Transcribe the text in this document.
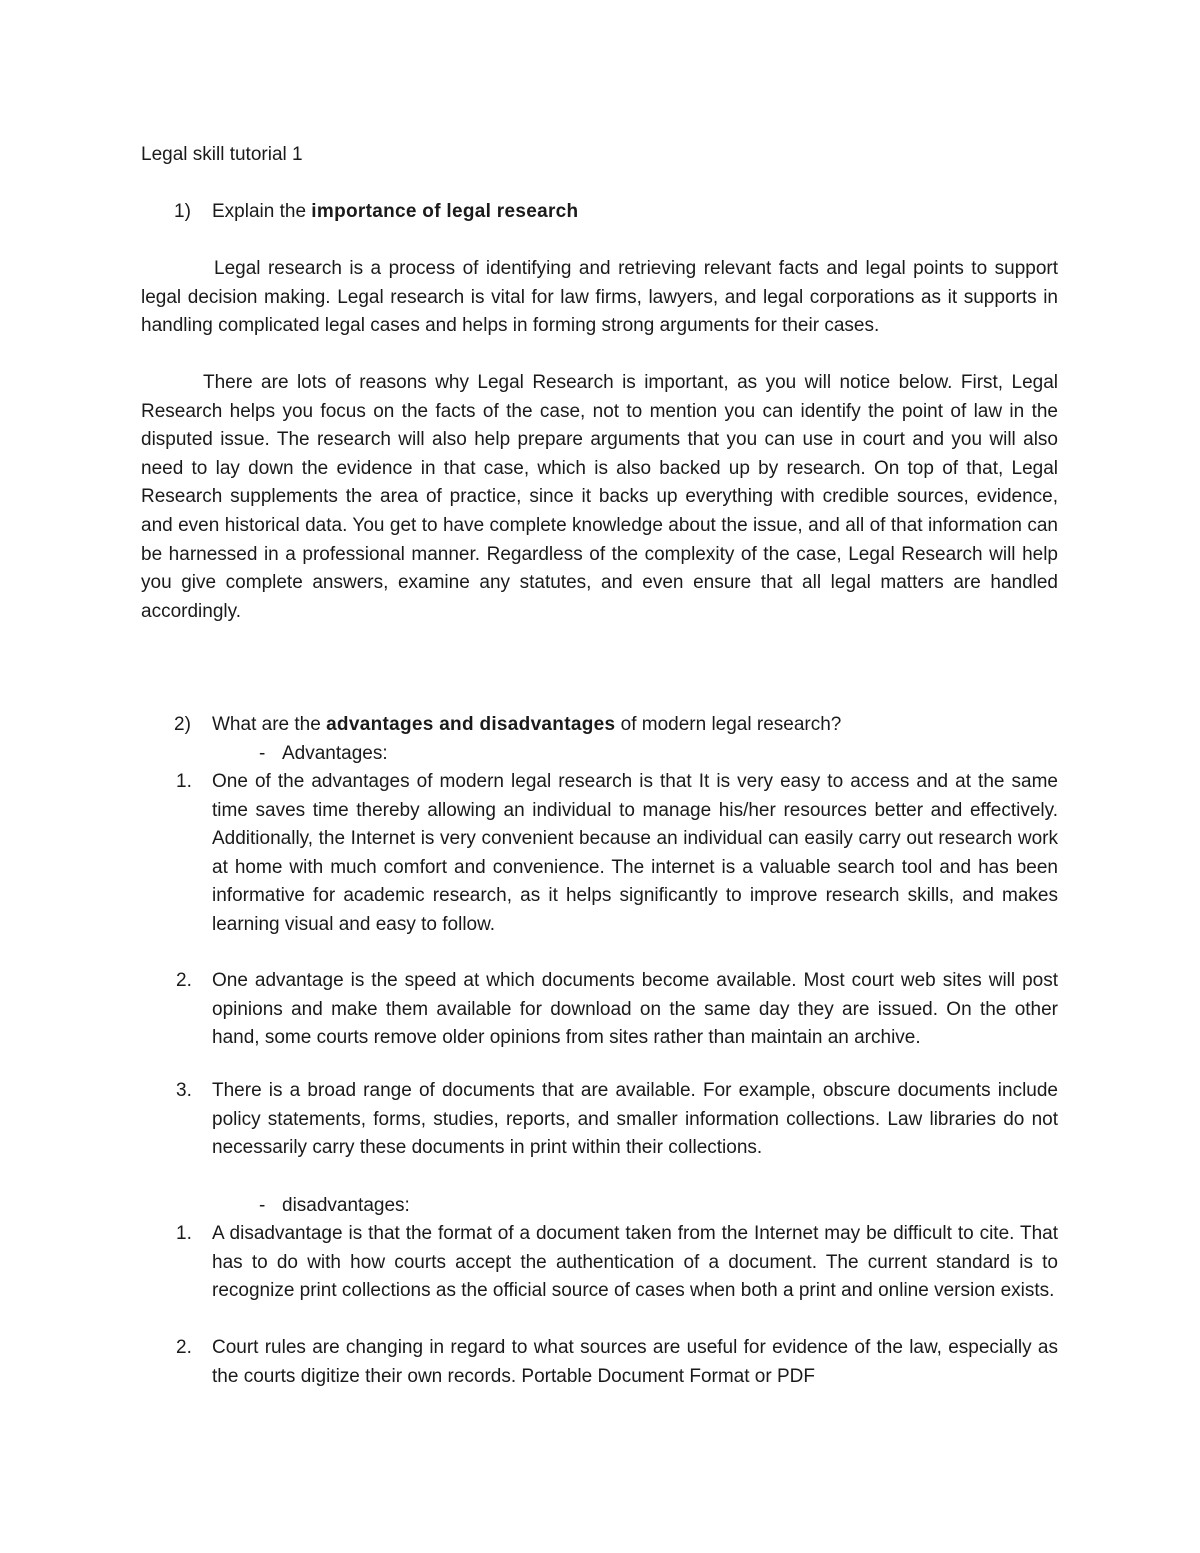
Legal skill tutorial 1
1) Explain the importance of legal research

Legal research is a process of identifying and retrieving relevant facts and legal points to support legal decision making. Legal research is vital for law firms, lawyers, and legal corporations as it supports in handling complicated legal cases and helps in forming strong arguments for their cases.

There are lots of reasons why Legal Research is important, as you will notice below. First, Legal Research helps you focus on the facts of the case, not to mention you can identify the point of law in the disputed issue. The research will also help prepare arguments that you can use in court and you will also need to lay down the evidence in that case, which is also backed up by research. On top of that, Legal Research supplements the area of practice, since it backs up everything with credible sources, evidence, and even historical data. You get to have complete knowledge about the issue, and all of that information can be harnessed in a professional manner. Regardless of the complexity of the case, Legal Research will help you give complete answers, examine any statutes, and even ensure that all legal matters are handled accordingly.

2) What are the advantages and disadvantages of modern legal research?
- Advantages:
1. One of the advantages of modern legal research is that It is very easy to access and at the same time saves time thereby allowing an individual to manage his/her resources better and effectively. Additionally, the Internet is very convenient because an individual can easily carry out research work at home with much comfort and convenience. The internet is a valuable search tool and has been informative for academic research, as it helps significantly to improve research skills, and makes learning visual and easy to follow.

2. One advantage is the speed at which documents become available. Most court web sites will post opinions and make them available for download on the same day they are issued. On the other hand, some courts remove older opinions from sites rather than maintain an archive.

3. There is a broad range of documents that are available. For example, obscure documents include policy statements, forms, studies, reports, and smaller information collections. Law libraries do not necessarily carry these documents in print within their collections.

- disadvantages:
1. A disadvantage is that the format of a document taken from the Internet may be difficult to cite. That has to do with how courts accept the authentication of a document. The current standard is to recognize print collections as the official source of cases when both a print and online version exists.

2. Court rules are changing in regard to what sources are useful for evidence of the law, especially as the courts digitize their own records. Portable Document Format or PDF
